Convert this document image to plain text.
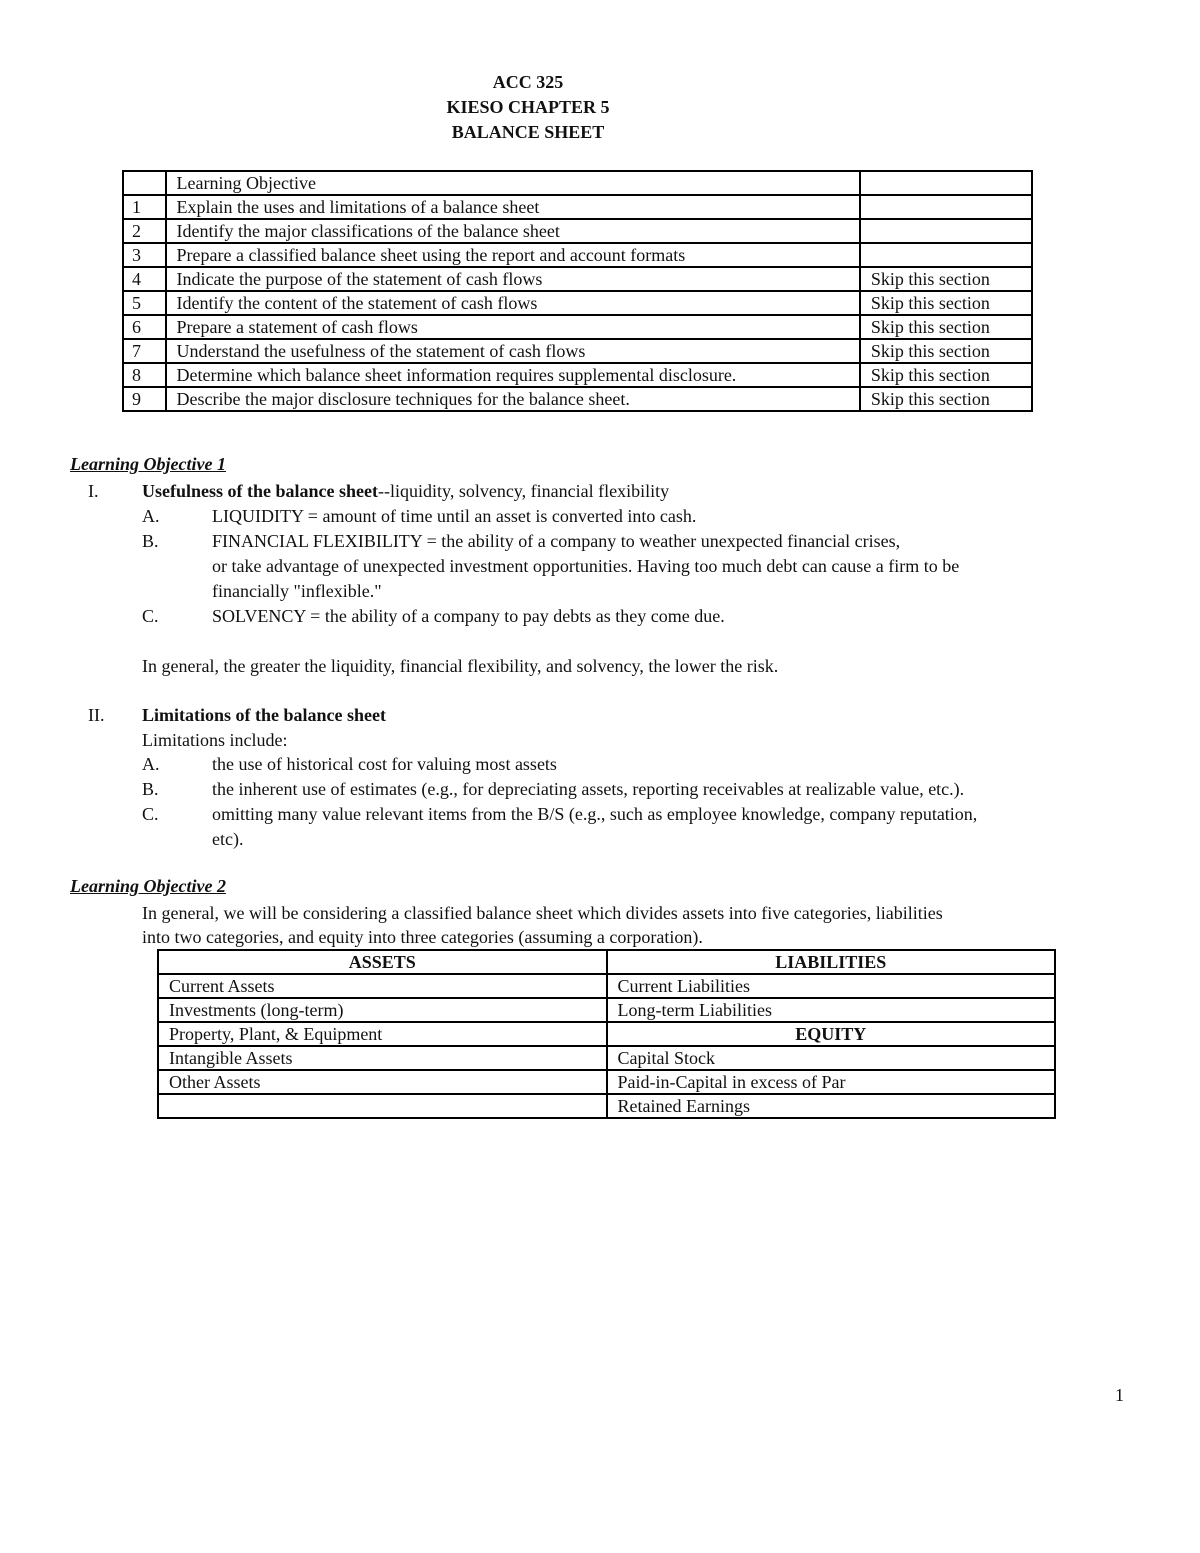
ACC 325
KIESO CHAPTER 5
BALANCE SHEET
	Learning Objective	
1	Explain the uses and limitations of a balance sheet	
2	Identify the major classifications of the balance sheet	
3	Prepare a classified balance sheet using the report and account formats	
4	Indicate the purpose of the statement of cash flows	Skip this section
5	Identify the content of the statement of cash flows	Skip this section
6	Prepare a statement of cash flows	Skip this section
7	Understand the usefulness of the statement of cash flows	Skip this section
8	Determine which balance sheet information requires supplemental disclosure.	Skip this section
9	Describe the major disclosure techniques for the balance sheet.	Skip this section
Learning Objective 1
I. Usefulness of the balance sheet--liquidity, solvency, financial flexibility
A.	LIQUIDITY = amount of time until an asset is converted into cash.
B.	FINANCIAL FLEXIBILITY = the ability of a company to weather unexpected financial crises,
or take advantage of unexpected investment opportunities. Having too much debt can cause a firm to be
financially "inflexible."
C.	SOLVENCY = the ability of a company to pay debts as they come due.
In general, the greater the liquidity, financial flexibility, and solvency, the lower the risk.
II. Limitations of the balance sheet
Limitations include:
A.	the use of historical cost for valuing most assets
B.	the inherent use of estimates (e.g., for depreciating assets, reporting receivables at realizable value, etc.).
C.	omitting many value relevant items from the B/S (e.g., such as employee knowledge, company reputation,
etc).
Learning Objective 2
In general, we will be considering a classified balance sheet which divides assets into five categories, liabilities
into two categories, and equity into three categories (assuming a corporation).
ASSETS	LIABILITIES
Current Assets	Current Liabilities
Investments (long-term)	Long-term Liabilities
Property, Plant, & Equipment	EQUITY
Intangible Assets	Capital Stock
Other Assets	Paid-in-Capital in excess of Par
	Retained Earnings
1
